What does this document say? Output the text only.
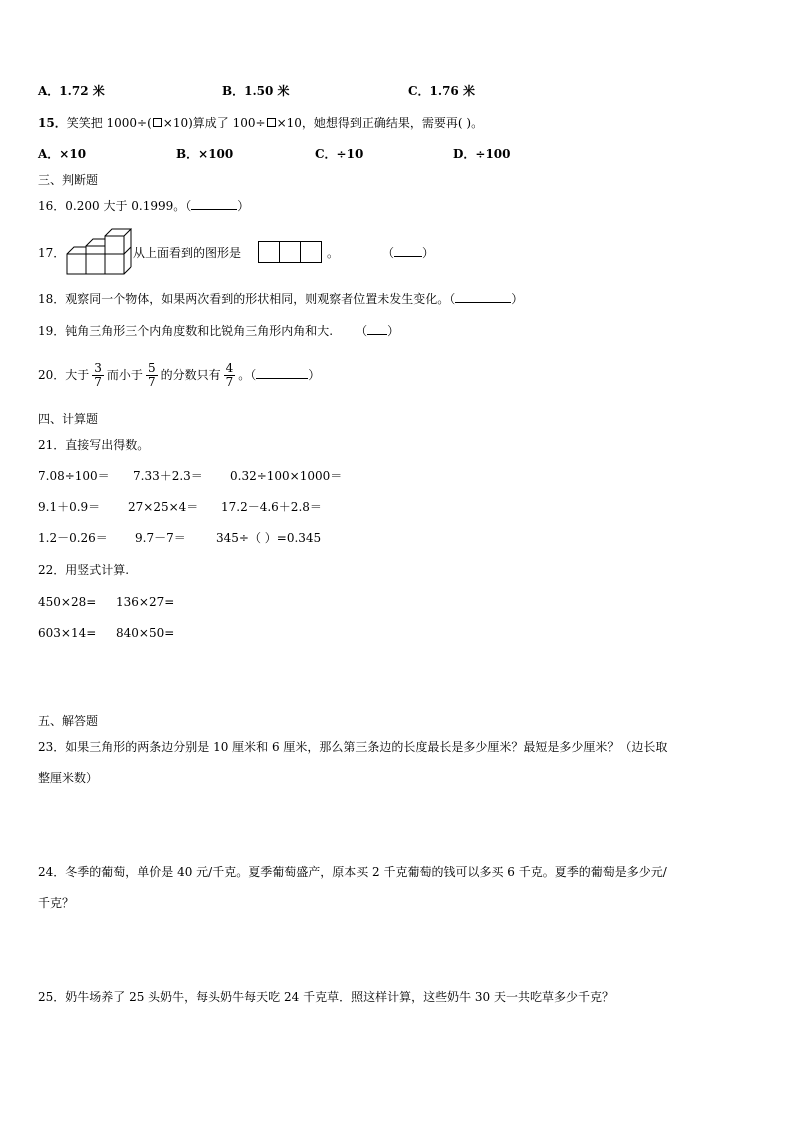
A．1.72 米	B．1.50 米	C．1.76 米
15．笑笑把 1000÷( ×10)算成了 100÷ ×10，她想得到正确结果，需要再( )。
A．×10	B．×100	C．÷10	D．÷100
三、判断题
16．0.200 大于 0.1999。（	）
17．	从上面看到的图形是	。	（ ）
18．观察同一个物体，如果两次看到的形状相同，则观察者位置未发生变化。（	）
19．钝角三角形三个内角度数和比锐角三角形内角和大. （ ）
20．大于 $\frac{3}{7}$ 而小于 $\frac{5}{7}$ 的分数只有 $\frac{4}{7}$ 。（	）
四、计算题
21．直接写出得数。
7.08÷100＝ 7.33＋2.3＝ 0.32÷100×1000＝
9.1＋0.9＝ 27×25×4＝ 17.2－4.6＋2.8＝
1.2－0.26＝ 9.7－7＝	345÷（ ）=0.345
22．用竖式计算.
450×28= 136×27=
603×14= 840×50=
五、解答题
23．如果三角形的两条边分别是 10 厘米和 6 厘米，那么第三条边的长度最长是多少厘米？最短是多少厘米？（边长取
整厘米数）
24．冬季的葡萄，单价是 40 元/千克。夏季葡萄盛产，原本买 2 千克葡萄的钱可以多买 6 千克。夏季的葡萄是多少元/
千克？
25．奶牛场养了 25 头奶牛，每头奶牛每天吃 24 千克草．照这样计算，这些奶牛 30 天一共吃草多少千克？
